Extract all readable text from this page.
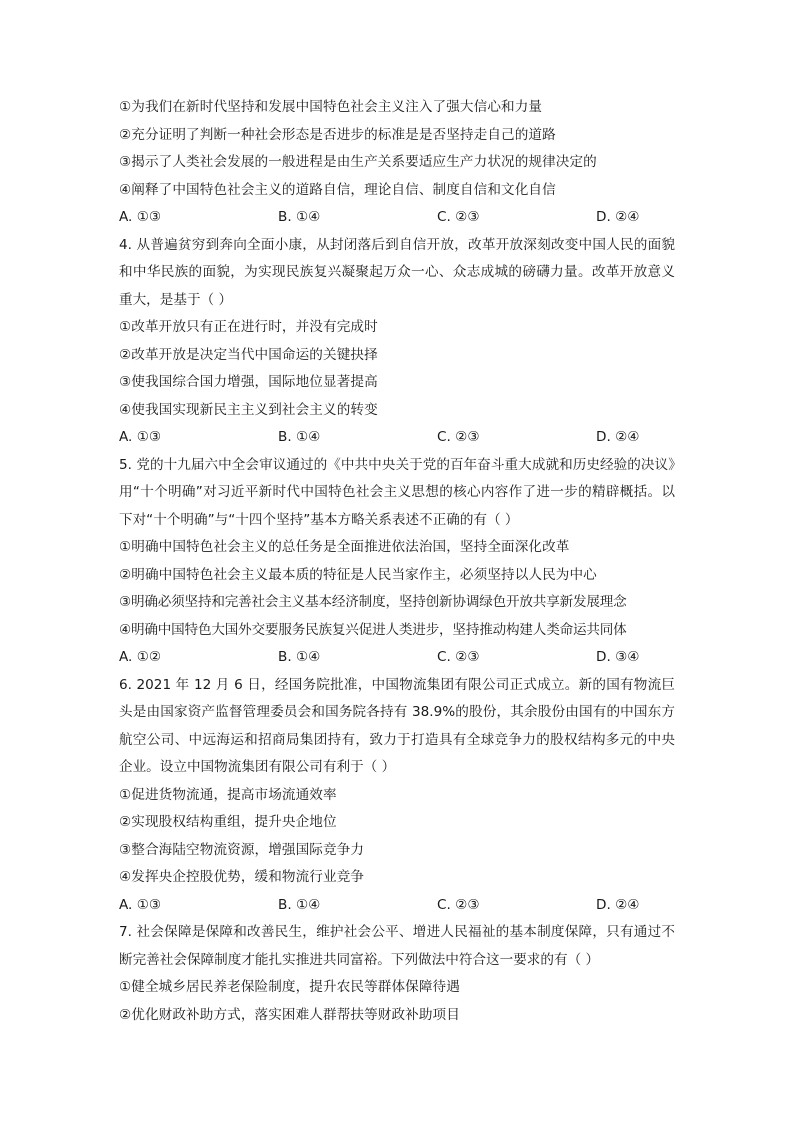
①为我们在新时代坚持和发展中国特色社会主义注入了强大信心和力量
②充分证明了判断一种社会形态是否进步的标准是是否坚持走自己的道路
③揭示了人类社会发展的一般进程是由生产关系要适应生产力状况的规律决定的
④阐释了中国特色社会主义的道路自信，理论自信、制度自信和文化自信
A. ①③	B. ①④	C. ②③	D. ②④
4. 从普遍贫穷到奔向全面小康，从封闭落后到自信开放，改革开放深刻改变中国人民的面貌和中华民族的面貌，为实现民族复兴凝聚起万众一心、众志成城的磅礴力量。改革开放意义重大，是基于（ ）
①改革开放只有正在进行时，并没有完成时
②改革开放是决定当代中国命运的关键抉择
③使我国综合国力增强，国际地位显著提高
④使我国实现新民主主义到社会主义的转变
A. ①③	B. ①④	C. ②③	D. ②④
5. 党的十九届六中全会审议通过的《中共中央关于党的百年奋斗重大成就和历史经验的决议》用“十个明确”对习近平新时代中国特色社会主义思想的核心内容作了进一步的精辟概括。以下对“十个明确”与“十四个坚持”基本方略关系表述不正确的有（ ）
①明确中国特色社会主义的总任务是全面推进依法治国，坚持全面深化改革
②明确中国特色社会主义最本质的特征是人民当家作主，必须坚持以人民为中心
③明确必须坚持和完善社会主义基本经济制度，坚持创新协调绿色开放共享新发展理念
④明确中国特色大国外交要服务民族复兴促进人类进步，坚持推动构建人类命运共同体
A. ①②	B. ①④	C. ②③	D. ③④
6. 2021 年 12 月 6 日，经国务院批准，中国物流集团有限公司正式成立。新的国有物流巨头是由国家资产监督管理委员会和国务院各持有 38.9%的股份，其余股份由国有的中国东方航空公司、中远海运和招商局集团持有，致力于打造具有全球竞争力的股权结构多元的中央企业。设立中国物流集团有限公司有利于（ ）
①促进货物流通，提高市场流通效率
②实现股权结构重组，提升央企地位
③整合海陆空物流资源，增强国际竞争力
④发挥央企控股优势，缓和物流行业竞争
A. ①③	B. ①④	C. ②③	D. ②④
7. 社会保障是保障和改善民生，维护社会公平、增进人民福祉的基本制度保障，只有通过不断完善社会保障制度才能扎实推进共同富裕。下列做法中符合这一要求的有（ ）
①健全城乡居民养老保险制度，提升农民等群体保障待遇
②优化财政补助方式，落实困难人群帮扶等财政补助项目
